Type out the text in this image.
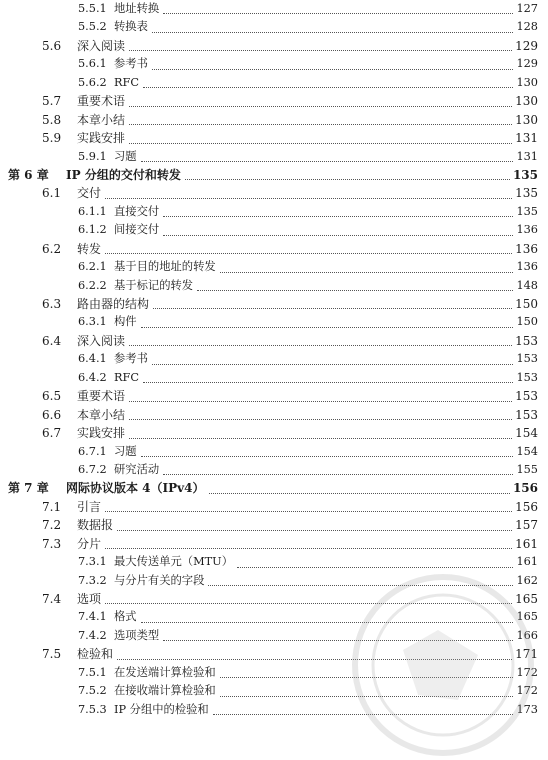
5.5.1 地址转换	127
5.5.2 转换表	128
5.6	深入阅读	129
5.6.1 参考书	129
5.6.2 RFC	130
5.7	重要术语	130
5.8	本章小结	130
5.9	实践安排	131
5.9.1 习题	131
第 6 章	IP 分组的交付和转发	135
6.1	交付	135
6.1.1 直接交付	135
6.1.2 间接交付	136
6.2	转发	136
6.2.1 基于目的地址的转发	136
6.2.2 基于标记的转发	148
6.3	路由器的结构	150
6.3.1 构件	150
6.4	深入阅读	153
6.4.1 参考书	153
6.4.2 RFC	153
6.5	重要术语	153
6.6	本章小结	153
6.7	实践安排	154
6.7.1 习题	154
6.7.2 研究活动	155
第 7 章	网际协议版本 4（IPv4）	156
7.1	引言	156
7.2	数据报	157
7.3	分片	161
7.3.1 最大传送单元（MTU）	161
7.3.2 与分片有关的字段	162
7.4	选项	165
7.4.1 格式	165
7.4.2 选项类型	166
7.5	检验和	171
7.5.1 在发送端计算检验和	172
7.5.2 在接收端计算检验和	172
7.5.3 IP 分组中的检验和	173
